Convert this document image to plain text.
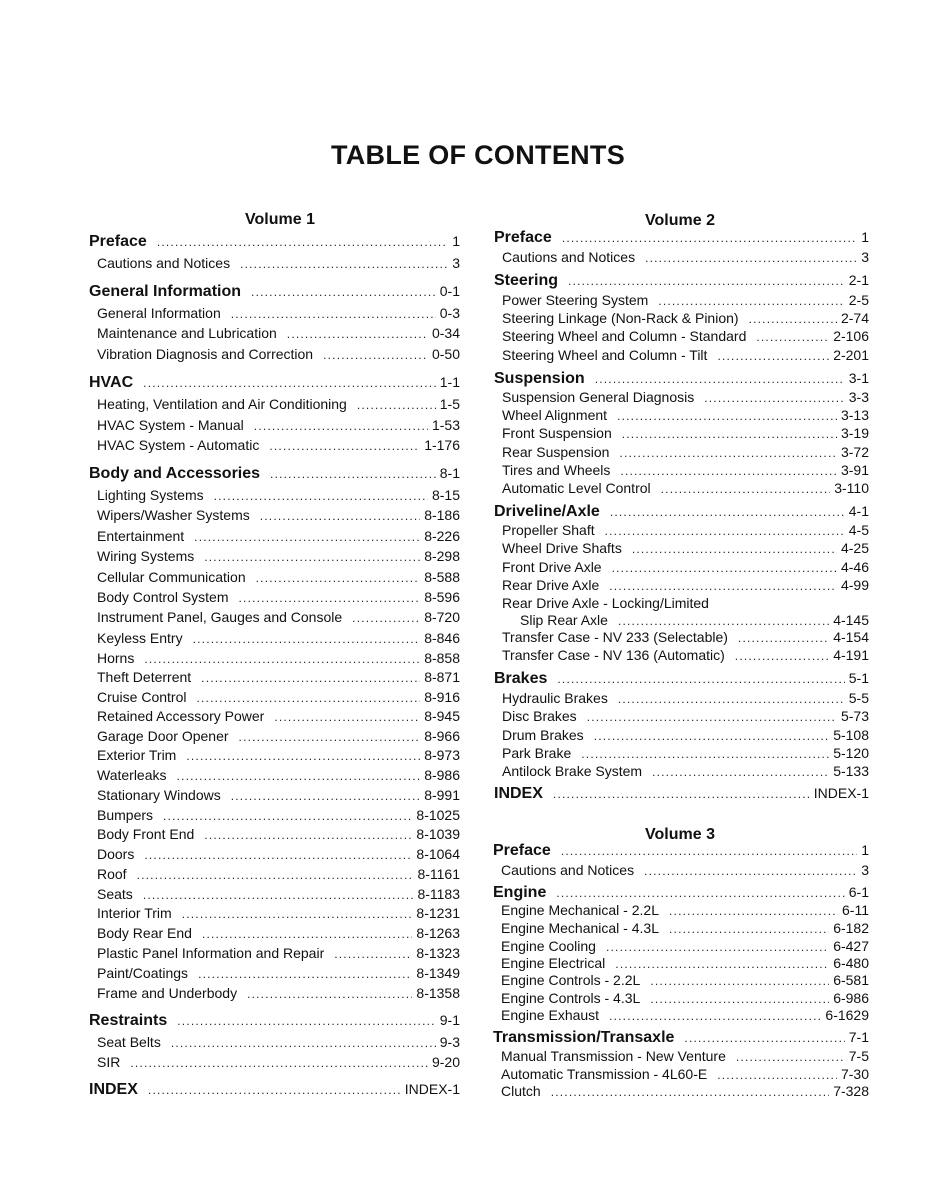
TABLE OF CONTENTS
Volume 1	Volume 2
Volume 3
Preface .....	1
Cautions and Notices .....	3
General Information .....	0-1
General Information .....	0-3
Maintenance and Lubrication .....	0-34
Vibration Diagnosis and Correction .....	0-50
HVAC .....	1-1
Heating, Ventilation and Air Conditioning .....	1-5
HVAC System - Manual .....	1-53
HVAC System - Automatic .....	1-176
Body and Accessories .....	8-1
Lighting Systems .....	8-15
Wipers/Washer Systems .....	8-186
Entertainment .....	8-226
Wiring Systems .....	8-298
Cellular Communication .....	8-588
Body Control System .....	8-596
Instrument Panel, Gauges and Console .....	8-720
Keyless Entry .....	8-846
Horns .....	8-858
Theft Deterrent .....	8-871
Cruise Control .....	8-916
Retained Accessory Power .....	8-945
Garage Door Opener .....	8-966
Exterior Trim .....	8-973
Waterleaks .....	8-986
Stationary Windows .....	8-991
Bumpers .....	8-1025
Body Front End .....	8-1039
Doors .....	8-1064
Roof .....	8-1161
Seats .....	8-1183
Interior Trim .....	8-1231
Body Rear End .....	8-1263
Plastic Panel Information and Repair .....	8-1323
Paint/Coatings .....	8-1349
Frame and Underbody .....	8-1358
Restraints .....	9-1
Seat Belts .....	9-3
SIR .....	9-20
INDEX .....	INDEX-1
Preface .....	1
Cautions and Notices .....	3
Steering .....	2-1
Power Steering System .....	2-5
Steering Linkage (Non-Rack & Pinion) .....	2-74
Steering Wheel and Column - Standard .....	2-106
Steering Wheel and Column - Tilt .....	2-201
Suspension .....	3-1
Suspension General Diagnosis .....	3-3
Wheel Alignment .....	3-13
Front Suspension .....	3-19
Rear Suspension .....	3-72
Tires and Wheels .....	3-91
Automatic Level Control .....	3-110
Driveline/Axle .....	4-1
Propeller Shaft .....	4-5
Wheel Drive Shafts .....	4-25
Front Drive Axle .....	4-46
Rear Drive Axle .....	4-99
Rear Drive Axle - Locking/Limited
Slip Rear Axle .....	4-145
Transfer Case - NV 233 (Selectable) .....	4-154
Transfer Case - NV 136 (Automatic) .....	4-191
Brakes .....	5-1
Hydraulic Brakes .....	5-5
Disc Brakes .....	5-73
Drum Brakes .....	5-108
Park Brake .....	5-120
Antilock Brake System .....	5-133
INDEX .....	INDEX-1
Preface .....	1
Cautions and Notices .....	3
Engine .....	6-1
Engine Mechanical - 2.2L .....	6-11
Engine Mechanical - 4.3L .....	6-182
Engine Cooling .....	6-427
Engine Electrical .....	6-480
Engine Controls - 2.2L .....	6-581
Engine Controls - 4.3L .....	6-986
Engine Exhaust .....	6-1629
Transmission/Transaxle .....	7-1
Manual Transmission - New Venture .....	7-5
Automatic Transmission - 4L60-E .....	7-30
Clutch .....	7-328
